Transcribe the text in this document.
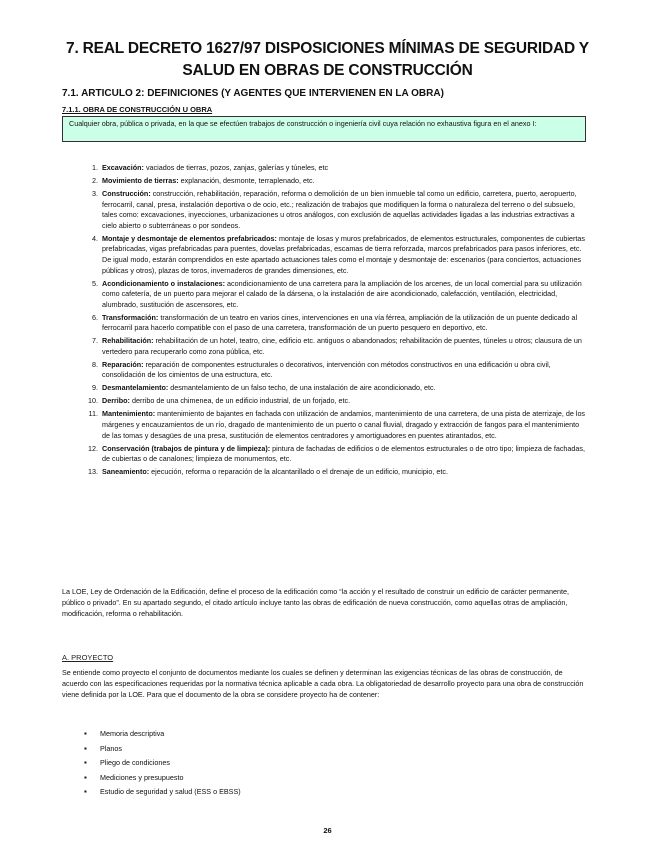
7. REAL DECRETO 1627/97 DISPOSICIONES MÍNIMAS DE SEGURIDAD Y SALUD EN OBRAS DE CONSTRUCCIÓN
7.1. ARTICULO 2: DEFINICIONES (Y AGENTES QUE INTERVIENEN EN LA OBRA)
7.1.1. OBRA DE CONSTRUCCIÓN U OBRA
Cualquier obra, pública o privada, en la que se efectúen trabajos de construcción o ingeniería civil cuya relación no exhaustiva figura en el anexo I:
1. Excavación: vaciados de tierras, pozos, zanjas, galerías y túneles, etc
2. Movimiento de tierras: explanación, desmonte, terraplenado, etc.
3. Construcción: construcción, rehabilitación, reparación, reforma o demolición de un bien inmueble tal como un edificio, carretera, puerto, aeropuerto, ferrocarril, canal, presa, instalación deportiva o de ocio, etc.; realización de trabajos que modifiquen la forma o naturaleza del terreno o del subsuelo, tales como: excavaciones, inyecciones, urbanizaciones u otros análogos, con exclusión de aquellas actividades ligadas a las industrias extractivas a cielo abierto o subterráneas o por sondeos.
4. Montaje y desmontaje de elementos prefabricados: montaje de losas y muros prefabricados, de elementos estructurales, componentes de cubiertas prefabricadas, vigas prefabricadas para puentes, dovelas prefabricadas, escamas de tierra reforzada, marcos prefabricados para pasos inferiores, etc. De igual modo, estarán comprendidos en este apartado actuaciones tales como el montaje y desmontaje de: escenarios (para conciertos, actuaciones públicas y otros), plazas de toros, invernaderos de grandes dimensiones, etc.
5. Acondicionamiento o instalaciones: acondicionamiento de una carretera para la ampliación de los arcenes, de un local comercial para su utilización como cafetería, de un puerto para mejorar el calado de la dársena, o la instalación de aire acondicionado, calefacción, ventilación, electricidad, alumbrado, sustitución de ascensores, etc.
6. Transformación: transformación de un teatro en varios cines, intervenciones en una vía férrea, ampliación de la utilización de un puente dedicado al ferrocarril para hacerlo compatible con el paso de una carretera, transformación de un puerto pesquero en deportivo, etc.
7. Rehabilitación: rehabilitación de un hotel, teatro, cine, edificio etc. antiguos o abandonados; rehabilitación de puentes, túneles u otros; clausura de un vertedero para recuperarlo como zona pública, etc.
8. Reparación: reparación de componentes estructurales o decorativos, intervención con métodos constructivos en una edificación u obra civil, consolidación de los cimientos de una estructura, etc.
9. Desmantelamiento: desmantelamiento de un falso techo, de una instalación de aire acondicionado, etc.
10. Derribo: derribo de una chimenea, de un edificio industrial, de un forjado, etc.
11. Mantenimiento: mantenimiento de bajantes en fachada con utilización de andamios, mantenimiento de una carretera, de una pista de aterrizaje, de los márgenes y encauzamientos de un río, dragado de mantenimiento de un puerto o canal fluvial, dragado y extracción de fangos para el mantenimiento de las tomas y desagües de una presa, sustitución de elementos centradores y amortiguadores en puentes atirantados, etc.
12. Conservación (trabajos de pintura y de limpieza): pintura de fachadas de edificios o de elementos estructurales o de otro tipo; limpieza de fachadas, de cubiertas o de canalones; limpieza de monumentos, etc.
13. Saneamiento: ejecución, reforma o reparación de la alcantarillado o el drenaje de un edificio, municipio, etc.
La LOE, Ley de Ordenación de la Edificación, define el proceso de la edificación como “la acción y el resultado de construir un edificio de carácter permanente, público o privado”. En su apartado segundo, el citado artículo incluye tanto las obras de edificación de nueva construcción, como aquellas otras de ampliación, modificación, reforma o rehabilitación.
A. PROYECTO
Se entiende como proyecto el conjunto de documentos mediante los cuales se definen y determinan las exigencias técnicas de las obras de construcción, de acuerdo con las especificaciones requeridas por la normativa técnica aplicable a cada obra. La obligatoriedad de desarrollo proyecto para una obra de construcción viene definida por la LOE. Para que el documento de la obra se considere proyecto ha de contener:
▪ Memoria descriptiva
▪ Planos
▪ Pliego de condiciones
▪ Mediciones y presupuesto
▪ Estudio de seguridad y salud (ESS o EBSS)
26
